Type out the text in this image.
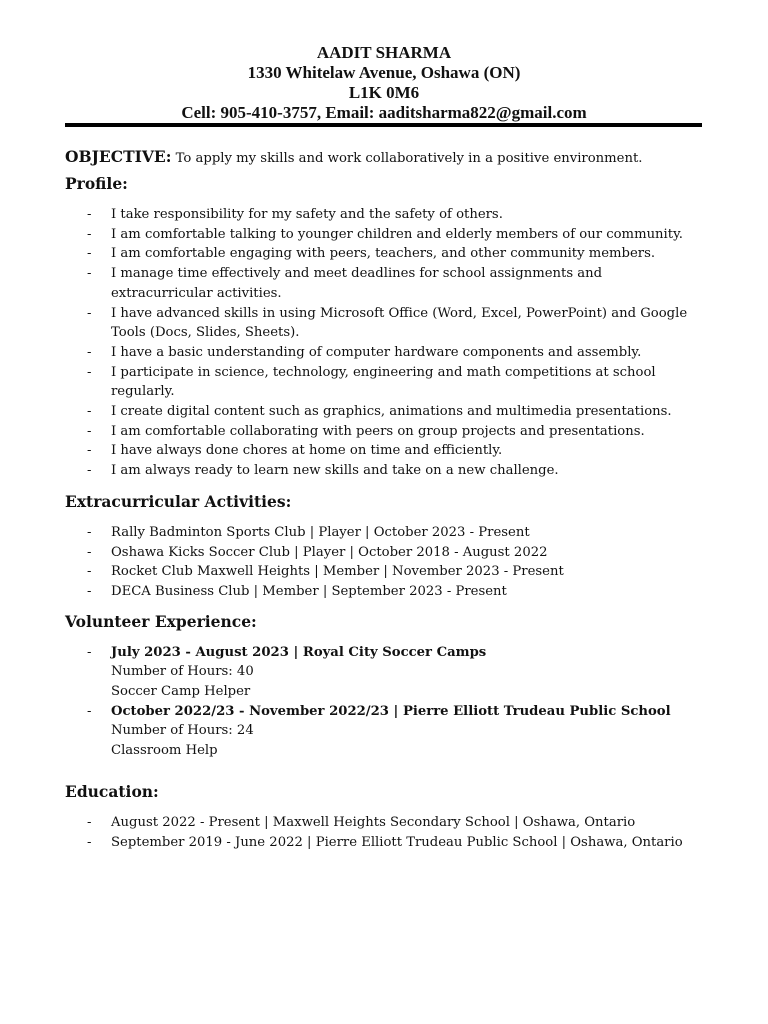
AADIT SHARMA
1330 Whitelaw Avenue, Oshawa (ON)
L1K 0M6
Cell: 905-410-3757, Email: aaditsharma822@gmail.com

OBJECTIVE: To apply my skills and work collaboratively in a positive environment.

Profile:
- I take responsibility for my safety and the safety of others.
- I am comfortable talking to younger children and elderly members of our community.
- I am comfortable engaging with peers, teachers, and other community members.
- I manage time effectively and meet deadlines for school assignments and extracurricular activities.
- I have advanced skills in using Microsoft Office (Word, Excel, PowerPoint) and Google Tools (Docs, Slides, Sheets).
- I have a basic understanding of computer hardware components and assembly.
- I participate in science, technology, engineering and math competitions at school regularly.
- I create digital content such as graphics, animations and multimedia presentations.
- I am comfortable collaborating with peers on group projects and presentations.
- I have always done chores at home on time and efficiently.
- I am always ready to learn new skills and take on a new challenge.
Extracurricular Activities:
- Rally Badminton Sports Club | Player | October 2023 - Present
- Oshawa Kicks Soccer Club | Player | October 2018 - August 2022
- Rocket Club Maxwell Heights | Member | November 2023 - Present
- DECA Business Club | Member | September 2023 - Present
Volunteer Experience:
- July 2023 - August 2023 | Royal City Soccer Camps
Number of Hours: 40
Soccer Camp Helper
- October 2022/23 - November 2022/23 | Pierre Elliott Trudeau Public School
Number of Hours: 24
Classroom Help
Education:
- August 2022 - Present | Maxwell Heights Secondary School | Oshawa, Ontario
- September 2019 - June 2022 | Pierre Elliott Trudeau Public School | Oshawa, Ontario
